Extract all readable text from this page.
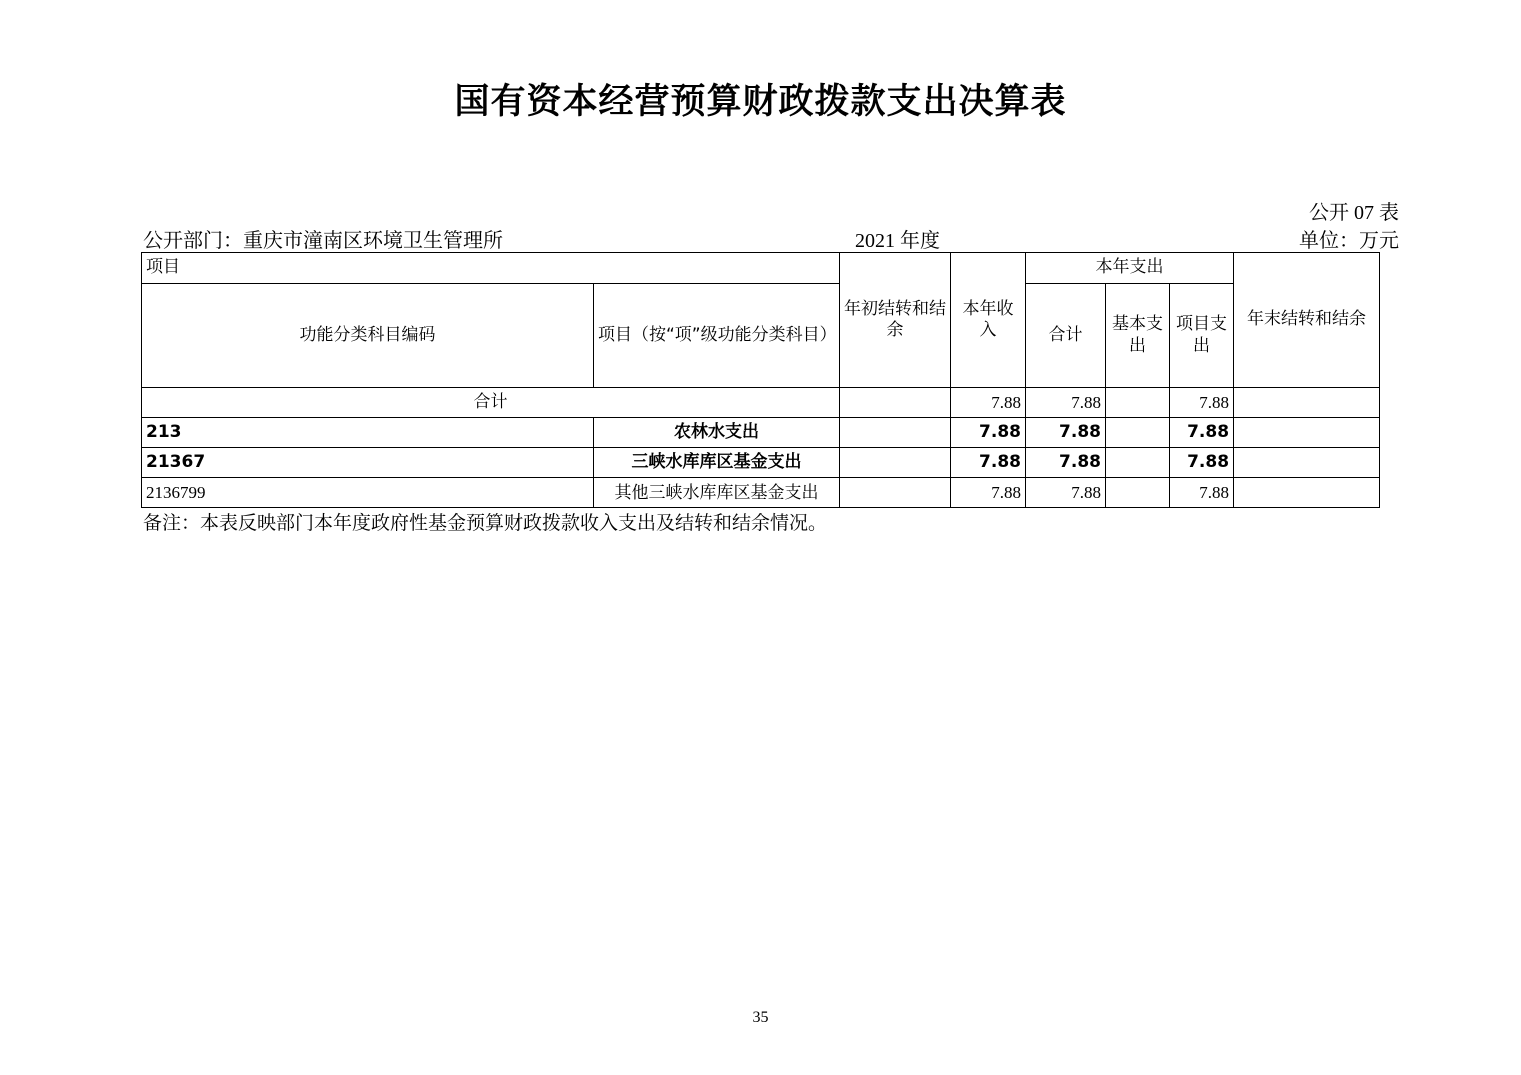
国有资本经营预算财政拨款支出决算表
公开 07 表
单位：万元
公开部门：重庆市潼南区环境卫生管理所	2021 年度
项目		年初结转和结余	本年收入	本年支出			年末结转和结余
功能分类科目编码	项目（按“项”级功能分类科目）			合计	基本支出	项目支出	
合计			7.88	7.88		7.88	
213	农林水支出		7.88	7.88		7.88	
21367	三峡水库库区基金支出		7.88	7.88		7.88	
2136799	其他三峡水库库区基金支出		7.88	7.88		7.88	
备注：本表反映部门本年度政府性基金预算财政拨款收入支出及结转和结余情况。
35
